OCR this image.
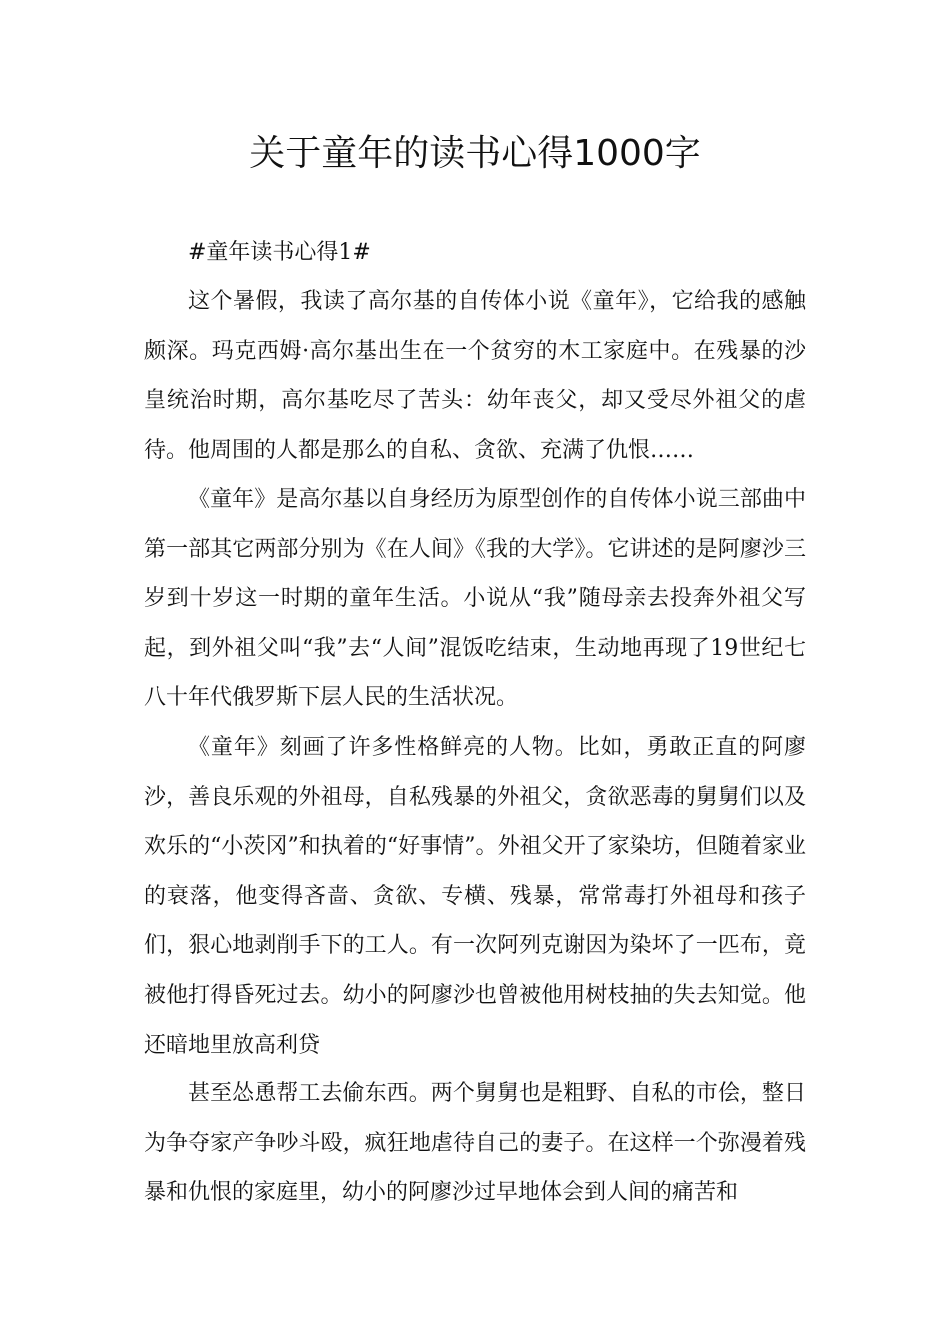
关于童年的读书心得1000字
#童年读书心得1#

这个暑假，我读了高尔基的自传体小说《童年》，它给我的感触颇深。玛克西姆·高尔基出生在一个贫穷的木工家庭中。在残暴的沙皇统治时期，高尔基吃尽了苦头：幼年丧父，却又受尽外祖父的虐待。他周围的人都是那么的自私、贪欲、充满了仇恨……

《童年》是高尔基以自身经历为原型创作的自传体小说三部曲中第一部其它两部分别为《在人间》《我的大学》。它讲述的是阿廖沙三岁到十岁这一时期的童年生活。小说从“我”随母亲去投奔外祖父写起，到外祖父叫“我”去“人间”混饭吃结束，生动地再现了19世纪七八十年代俄罗斯下层人民的生活状况。

《童年》刻画了许多性格鲜亮的人物。比如，勇敢正直的阿廖沙，善良乐观的外祖母，自私残暴的外祖父，贪欲恶毒的舅舅们以及欢乐的“小茨冈”和执着的“好事情”。外祖父开了家染坊，但随着家业的衰落，他变得吝啬、贪欲、专横、残暴，常常毒打外祖母和孩子们，狠心地剥削手下的工人。有一次阿列克谢因为染坏了一匹布，竟被他打得昏死过去。幼小的阿廖沙也曾被他用树枝抽的失去知觉。他还暗地里放高利贷

甚至怂恿帮工去偷东西。两个舅舅也是粗野、自私的市侩，整日为争夺家产争吵斗殴，疯狂地虐待自己的妻子。在这样一个弥漫着残暴和仇恨的家庭里，幼小的阿廖沙过早地体会到人间的痛苦和
